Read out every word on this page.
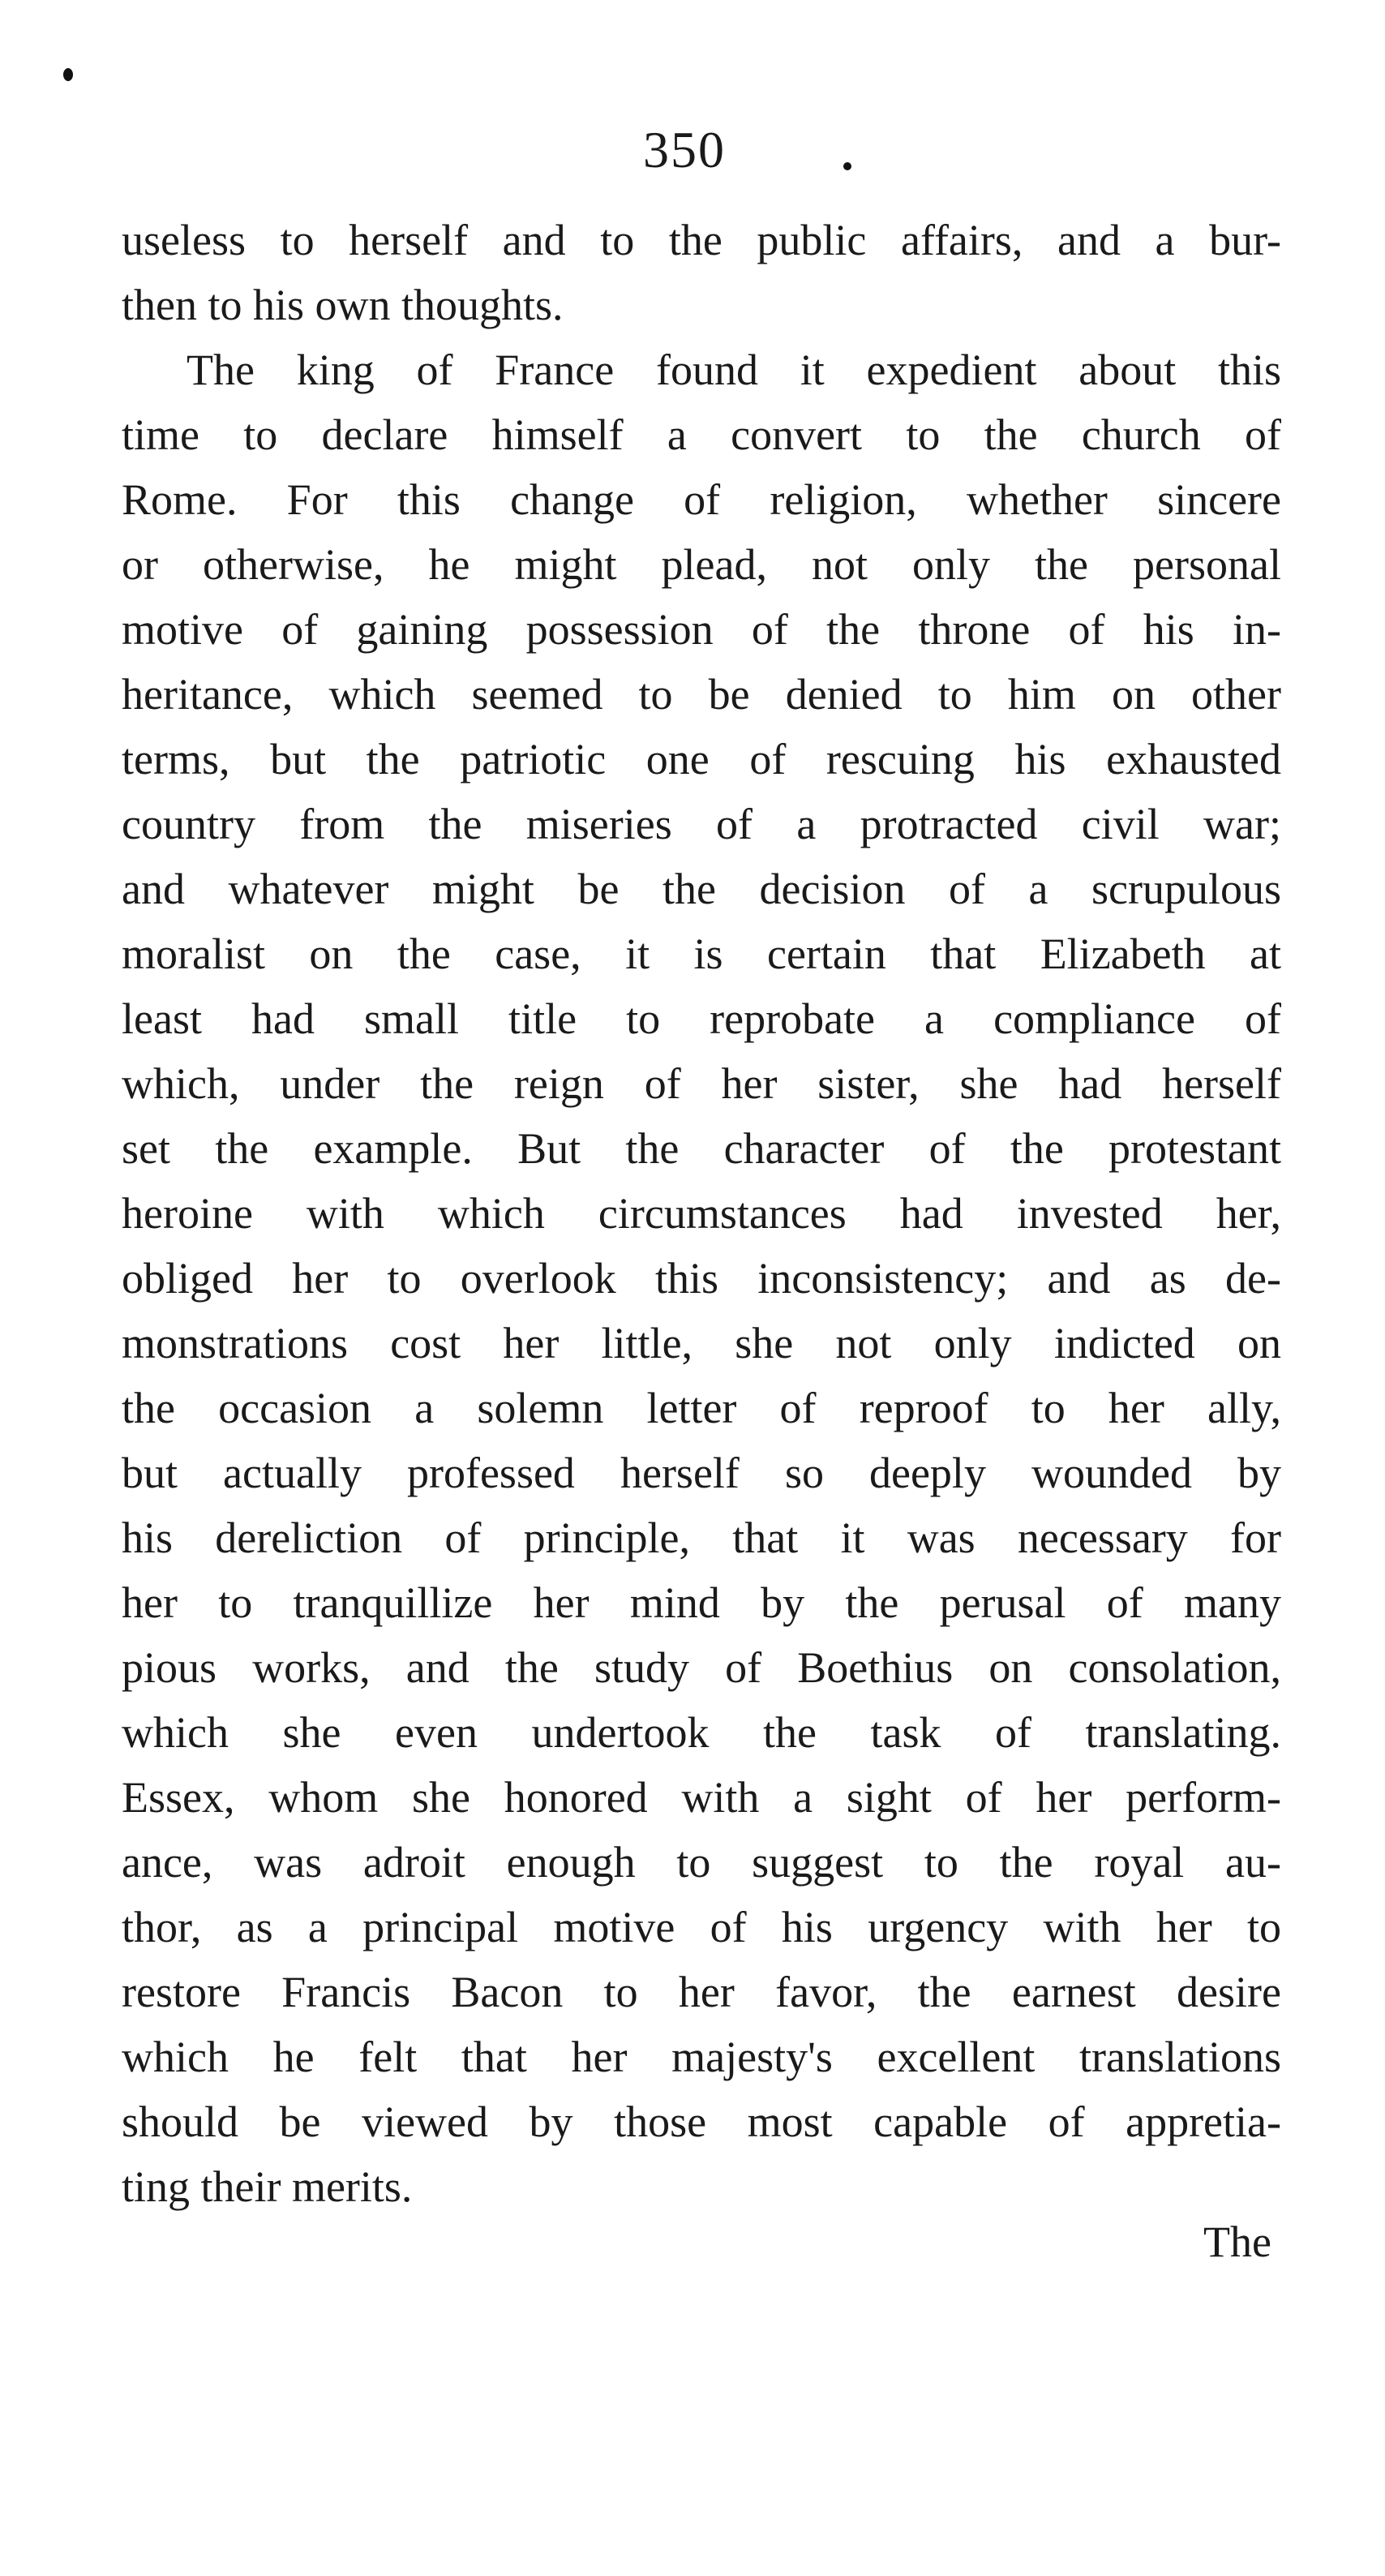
350
useless to herself and to the public affairs, and a bur-
then to his own thoughts.
The king of France found it expedient about this
time to declare himself a convert to the church of
Rome. For this change of religion, whether sincere
or otherwise, he might plead, not only the personal
motive of gaining possession of the throne of his in-
heritance, which seemed to be denied to him on other
terms, but the patriotic one of rescuing his exhausted
country from the miseries of a protracted civil war;
and whatever might be the decision of a scrupulous
moralist on the case, it is certain that Elizabeth at
least had small title to reprobate a compliance of
which, under the reign of her sister, she had herself
set the example. But the character of the protestant
heroine with which circumstances had invested her,
obliged her to overlook this inconsistency; and as de-
monstrations cost her little, she not only indicted on
the occasion a solemn letter of reproof to her ally,
but actually professed herself so deeply wounded by
his dereliction of principle, that it was necessary for
her to tranquillize her mind by the perusal of many
pious works, and the study of Boethius on consolation,
which she even undertook the task of translating.
Essex, whom she honored with a sight of her perform-
ance, was adroit enough to suggest to the royal au-
thor, as a principal motive of his urgency with her to
restore Francis Bacon to her favor, the earnest desire
which he felt that her majesty's excellent translations
should be viewed by those most capable of appretia-
ting their merits.
The
